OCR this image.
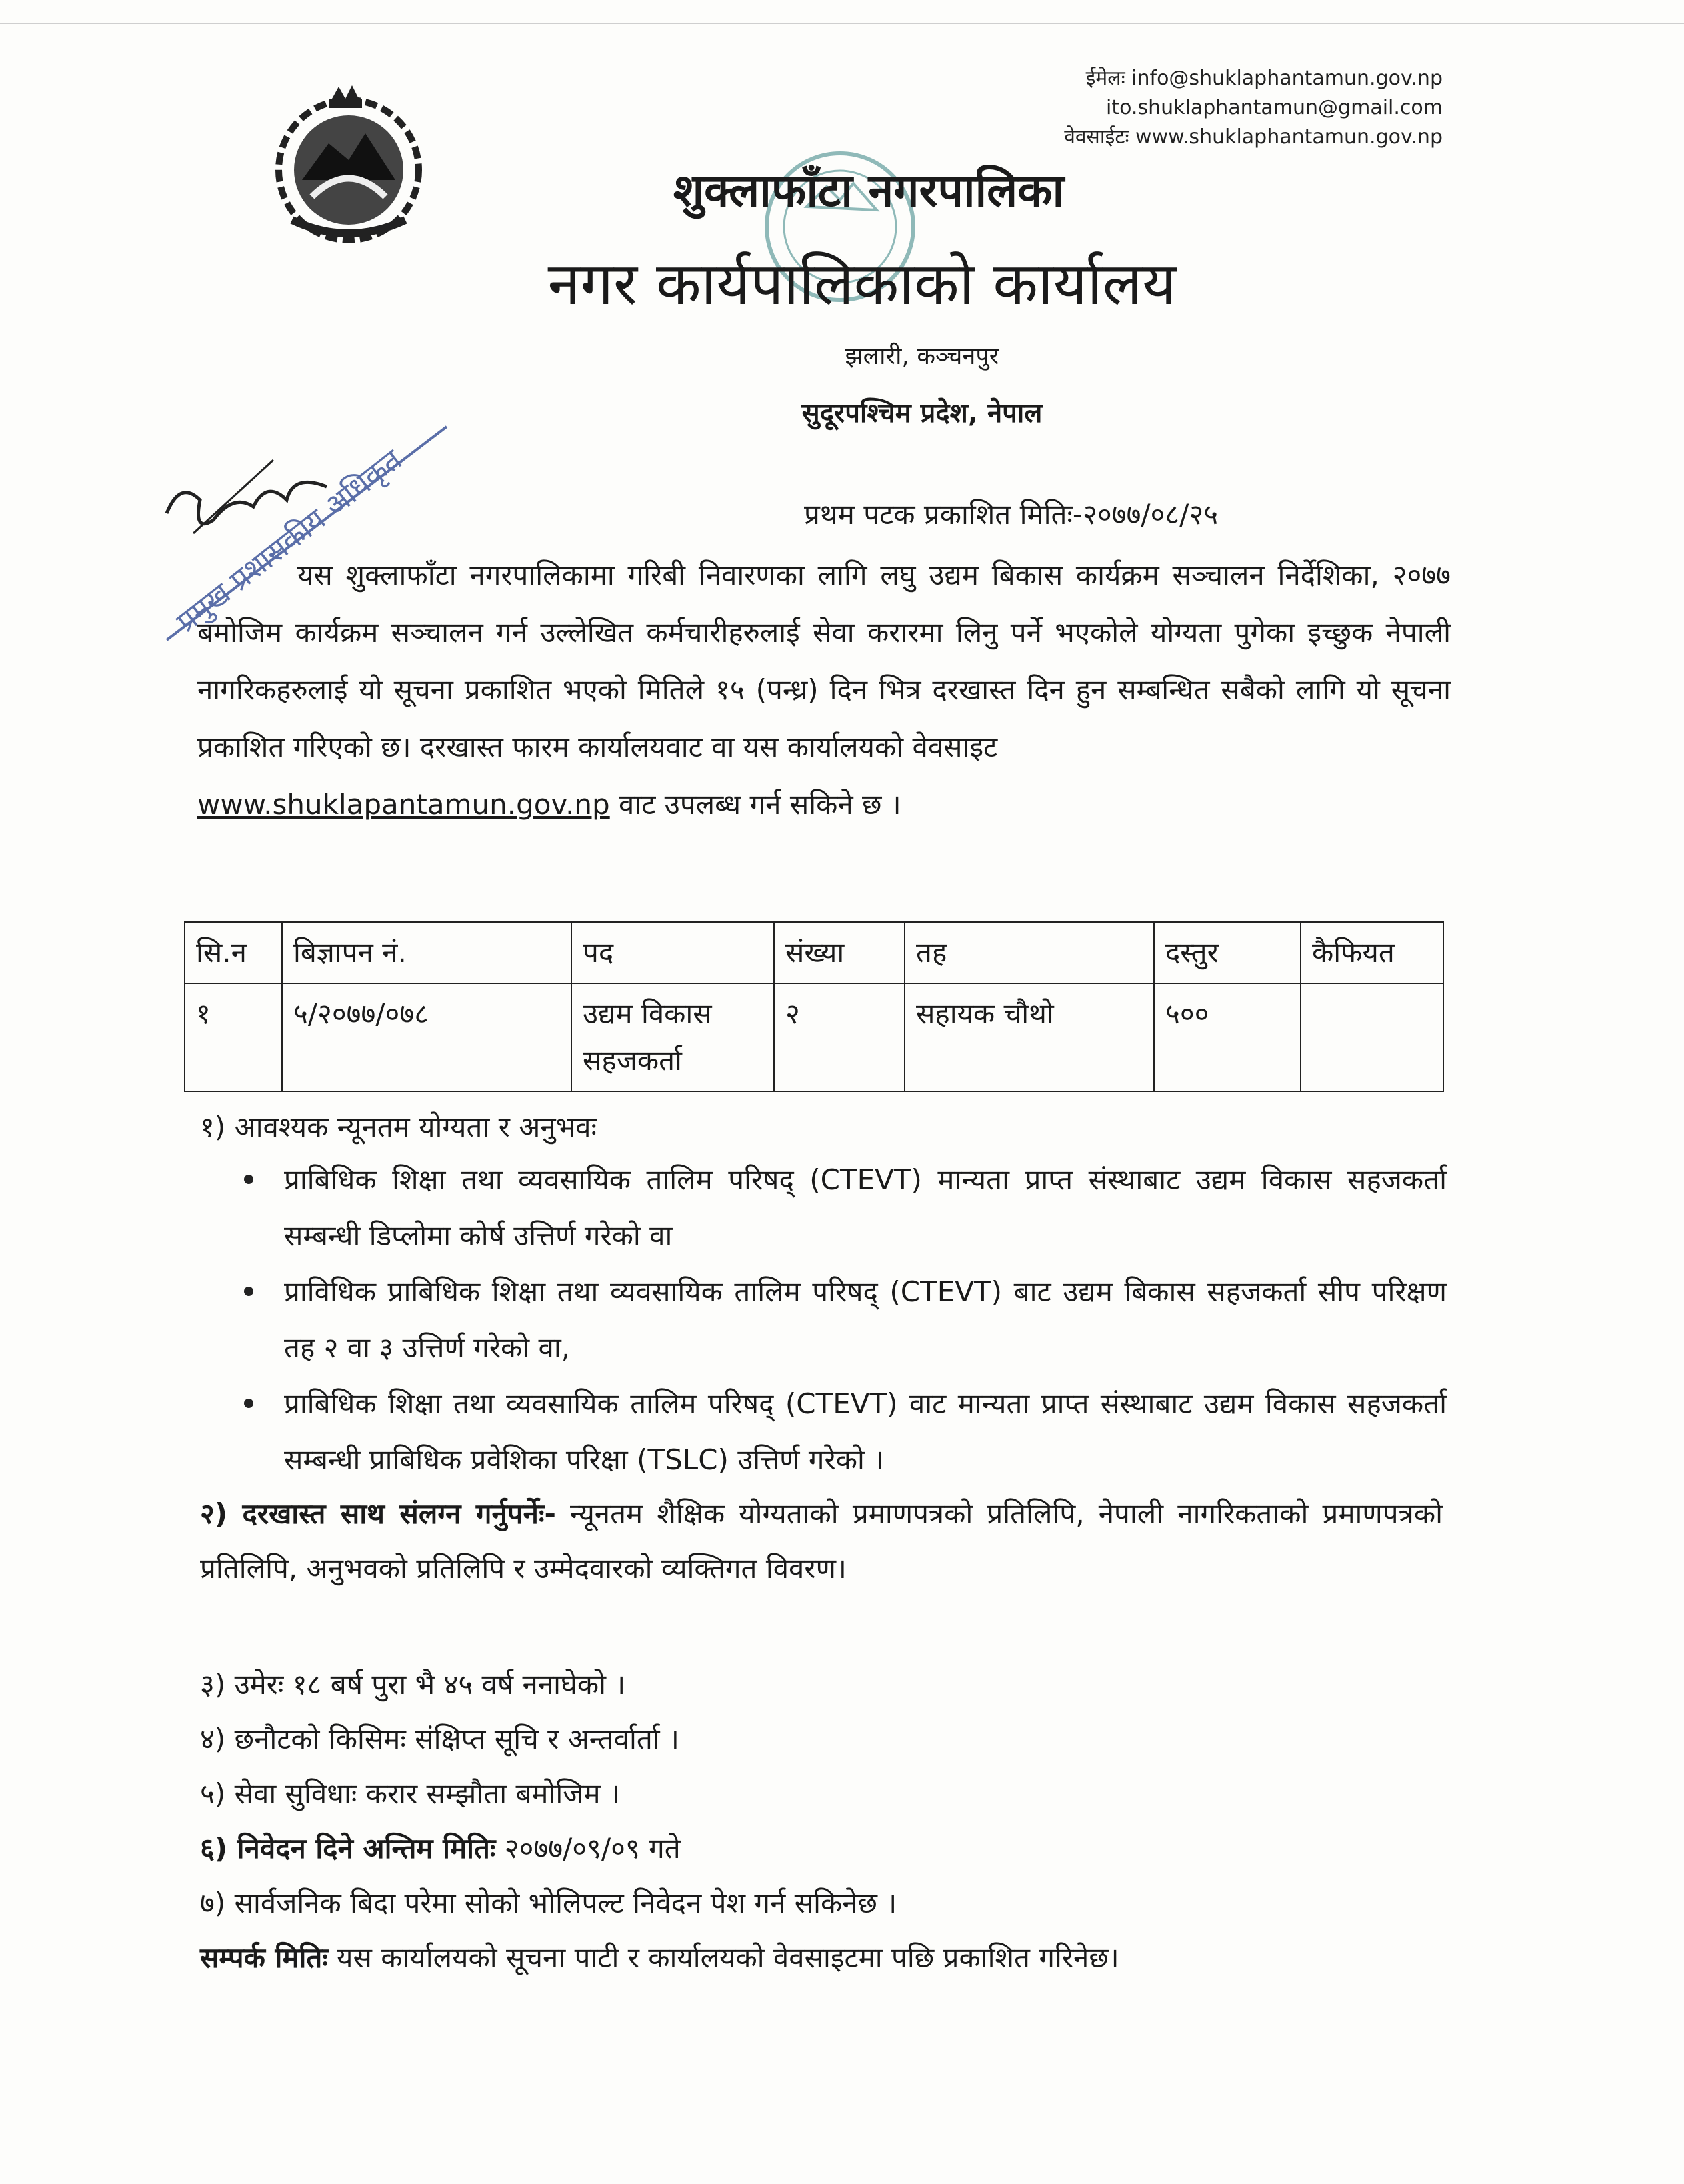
ईमेलः info@shuklaphantamun.gov.np
ito.shuklaphantamun@gmail.com
वेवसाईटः www.shuklaphantamun.gov.np
शुक्लाफाँटा नगरपालिका
नगर कार्यपालिकाको कार्यालय
झलारी, कञ्चनपुर
सुदूरपश्चिम प्रदेश, नेपाल
प्रमुख प्रशासकीय अधिकृत	प्रथम पटक प्रकाशित मितिः-२०७७/०८/२५
यस शुक्लाफाँटा नगरपालिकामा गरिबी निवारणका लागि लघु उद्यम बिकास कार्यक्रम सञ्चालन निर्देशिका, २०७७ बमोजिम कार्यक्रम सञ्चालन गर्न उल्लेखित कर्मचारीहरुलाई सेवा करारमा लिनु पर्ने भएकोले योग्यता पुगेका इच्छुक नेपाली नागरिकहरुलाई यो सूचना प्रकाशित भएको मितिले १५ (पन्ध्र) दिन भित्र दरखास्त दिन हुन सम्बन्धित सबैको लागि यो सूचना प्रकाशित गरिएको छ। दरखास्त फारम कार्यालयवाट वा यस कार्यालयको वेवसाइट
www.shuklapantamun.gov.np वाट उपलब्ध गर्न सकिने छ ।
सि.न	बिज्ञापन नं.	पद	संख्या	तह	दस्तुर	कैफियत
१	५/२०७७/०७८	उद्यम विकास सहजकर्ता	२	सहायक चौथो	५००	
१) आवश्यक न्यूनतम योग्यता र अनुभवः
प्राबिधिक शिक्षा तथा व्यवसायिक तालिम परिषद् (CTEVT) मान्यता प्राप्त संस्थाबाट उद्यम विकास सहजकर्ता सम्बन्धी डिप्लोमा कोर्ष उत्तिर्ण गरेको वा
प्राविधिक प्राबिधिक शिक्षा तथा व्यवसायिक तालिम परिषद् (CTEVT) बाट उद्यम बिकास सहजकर्ता सीप परिक्षण तह २ वा ३ उत्तिर्ण गरेको वा,
प्राबिधिक शिक्षा तथा व्यवसायिक तालिम परिषद् (CTEVT) वाट मान्यता प्राप्त संस्थाबाट उद्यम विकास सहजकर्ता सम्बन्धी प्राबिधिक प्रवेशिका परिक्षा (TSLC) उत्तिर्ण गरेको ।
२) दरखास्त साथ संलग्न गर्नुपर्नेः- न्यूनतम शैक्षिक योग्यताको प्रमाणपत्रको प्रतिलिपि, नेपाली नागरिकताको प्रमाणपत्रको प्रतिलिपि, अनुभवको प्रतिलिपि र उम्मेदवारको व्यक्तिगत विवरण।
३) उमेरः १८ बर्ष पुरा भै ४५ वर्ष ननाघेको ।
४) छनौटको किसिमः संक्षिप्त सूचि र अन्तर्वार्ता ।
५) सेवा सुविधाः करार सम्झौता बमोजिम ।
६) निवेदन दिने अन्तिम मितिः २०७७/०९/०९ गते
७) सार्वजनिक बिदा परेमा सोको भोलिपल्ट निवेदन पेश गर्न सकिनेछ ।
सम्पर्क मितिः यस कार्यालयको सूचना पाटी र कार्यालयको वेवसाइटमा पछि प्रकाशित गरिनेछ।
